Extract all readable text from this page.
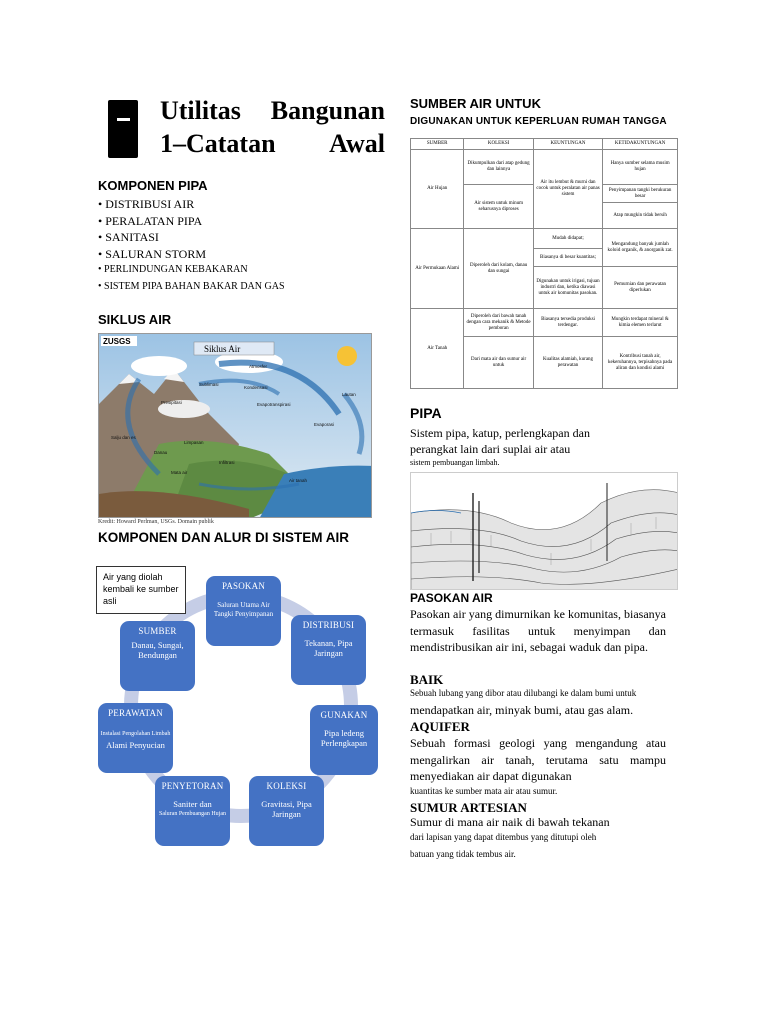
Utilitas Bangunan 1–Catatan Awal
KOMPONEN PIPA
• DISTRIBUSI AIR
• PERALATAN PIPA
• SANITASI
• SALURAN STORM
• PERLINDUNGAN KEBAKARAN
• SISTEM PIPA BAHAN BAKAR DAN GAS
SIKLUS AIR
ZUSGS
Siklus Air
Atmosfer
Presipitasi
Evaporasi
Salju dan es
Limpasan
Infiltrasi
Air tanah
Lautan
Sublimasi
Kondensasi
Evapotranspirasi
Mata air
Danau
Kredit: Howard Perlman, USGs. Domain publik
KOMPONEN DAN ALUR DI SISTEM AIR
PASOKAN
Saluran Utama Air Tangki Penyimpanan
DISTRIBUSI
Tekanan, Pipa Jaringan
GUNAKAN
Pipa ledeng Perlengkapan
KOLEKSI
Gravitasi, Pipa Jaringan
PENYETORAN
Saniter dan
Saluran Pembuangan Hujan
PERAWATAN
Instalasi Pengolahan Limbah
Alami Penyucian
SUMBER
Danau, Sungai, Bendungan
Air yang diolah kembali ke sumber asli
SUMBER AIR UNTUK
DIGUNAKAN UNTUK KEPERLUAN RUMAH TANGGA
SUMBER	KOLEKSI	KEUNTUNGAN	KETIDAKUNTUNGAN
Air Hujan	Dikumpulkan dari atap gedung dan lainnya	Air itu lembut & murni dan cocok untuk peralatan air panas sistem	Hanya sumber selama musim hujan
	Air sistem untuk minum seharusnya diproses		Penyimpanan tangki berukuran besar
			Atap mungkin tidak bersih
Air Permukaan Alami	Diperoleh dari kolam, danau dan sungai	Mudah didapat;	Mengandung banyak jumlah koloid organik, & anorganik zat.
		Biasanya di besar kuantitas;	
		Digunakan untuk irigasi, tujuan industri dan, ketika diawasi untuk air komunitas pasokan.	Pemurnian dan perawatan diperlukan
Air Tanah	Diperoleh dari bawah tanah dengan cara mekanik & Metode pemboran	Biasanya tersedia produksi terdengar.	Mungkin terdapat mineral & kimia elemen terlarut
	Dari mata air dan sumur air untuk	Kualitas alamiah, kurang perawatan	Kontribusi tanah air, kekeruhannya, terpisahnya pada aliran dan kondisi alami
PIPA
Sistem pipa, katup, perlengkapan dan perangkat lain dari suplai air atau
sistem pembuangan limbah.
PASOKAN AIR
Pasokan air yang dimurnikan ke komunitas, biasanya termasuk fasilitas untuk menyimpan dan mendistribusikan air ini, sebagai waduk dan pipa.
BAIK
Sebuah lubang yang dibor atau dilubangi ke dalam bumi untuk
mendapatkan air, minyak bumi, atau gas alam.
AQUIFER
Sebuah formasi geologi yang mengandung atau mengalirkan air tanah, terutama satu mampu menyediakan air dapat digunakan
kuantitas ke sumber mata air atau sumur.
SUMUR ARTESIAN
Sumur di mana air naik di bawah tekanan
dari lapisan yang dapat ditembus yang ditutupi oleh
batuan yang tidak tembus air.
